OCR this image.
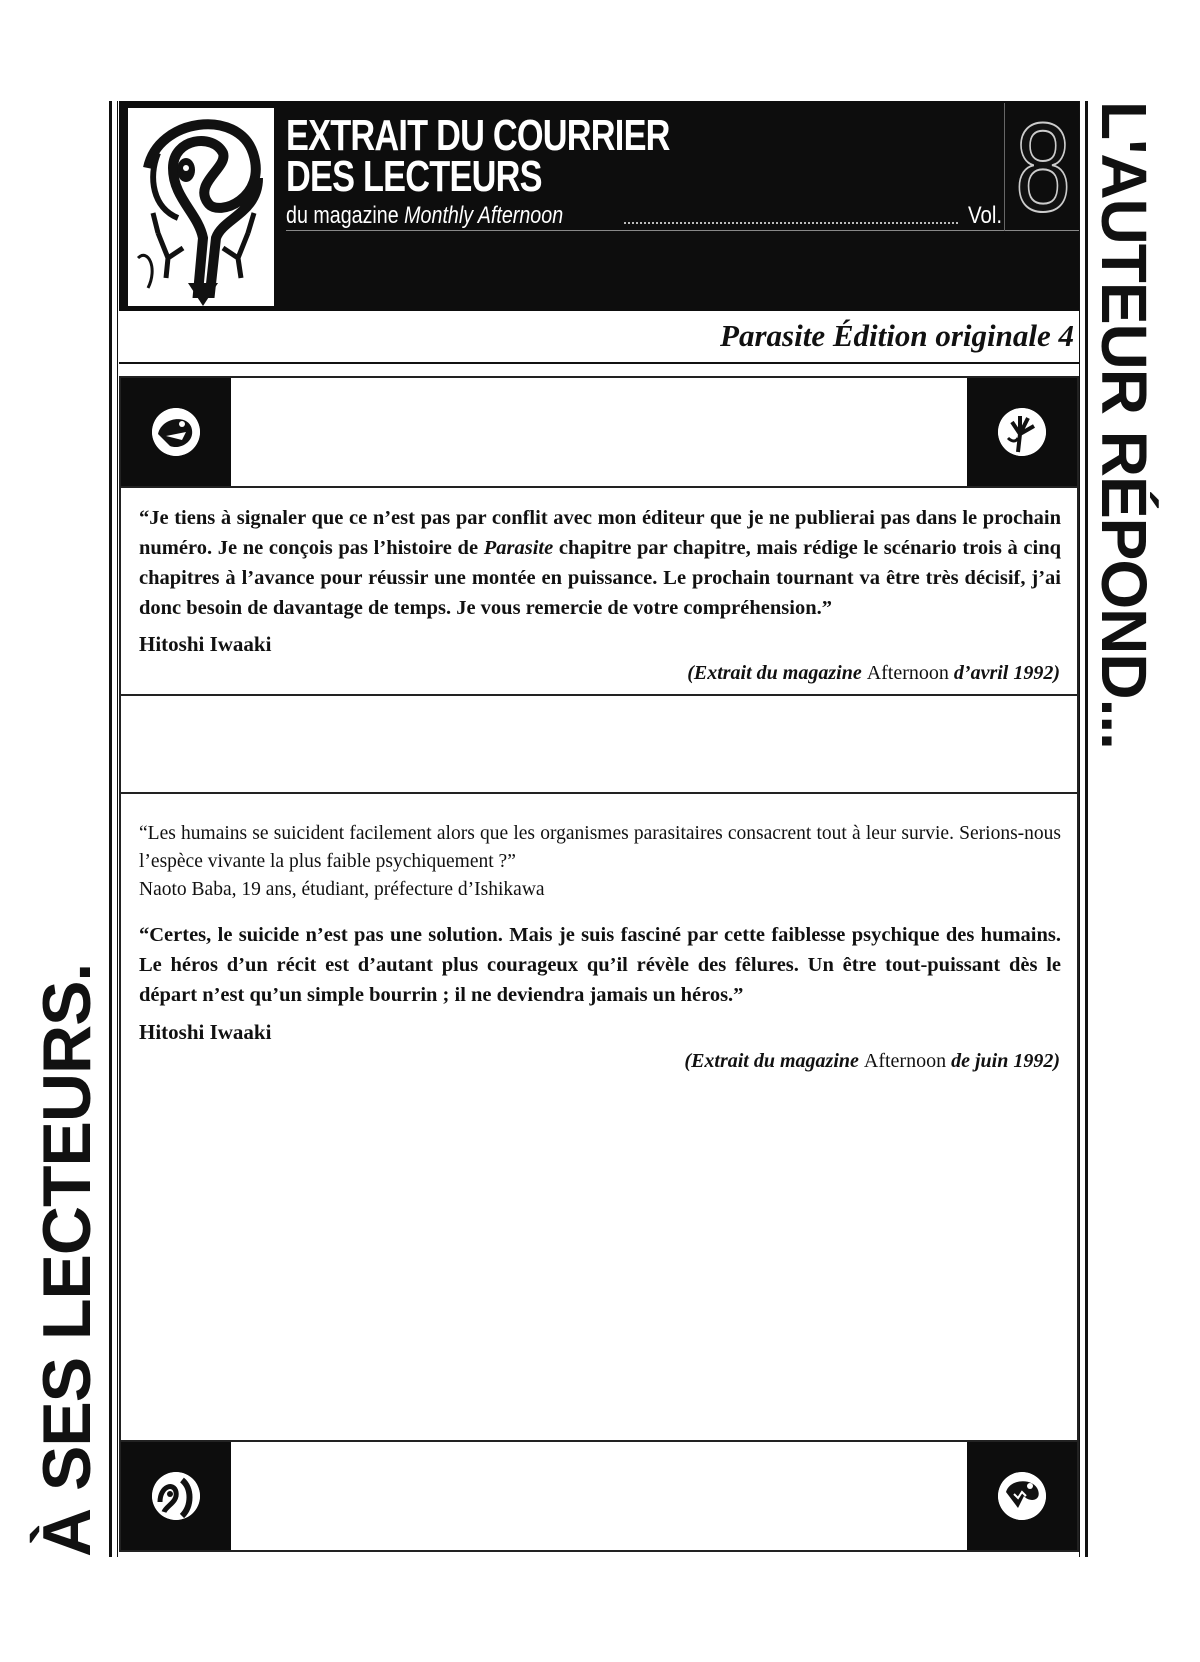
EXTRAIT DU COURRIER
DES LECTEURS
du magazine Monthly Afternoon	Vol. 8
Parasite Édition originale 4
“Je tiens à signaler que ce n’est pas par conflit avec mon éditeur que je ne publierai pas dans le prochain numéro. Je ne conçois pas l’histoire de Parasite chapitre par chapitre, mais rédige le scénario trois à cinq chapitres à l’avance pour réussir une montée en puissance. Le prochain tournant va être très décisif, j’ai donc besoin de davantage de temps. Je vous remercie de votre compréhension.”
Hitoshi Iwaaki
(Extrait du magazine Afternoon d’avril 1992)
“Les humains se suicident facilement alors que les organismes parasitaires consacrent tout à leur survie. Serions-nous l’espèce vivante la plus faible psychiquement ?”
Naoto Baba, 19 ans, étudiant, préfecture d’Ishikawa
“Certes, le suicide n’est pas une solution. Mais je suis fasciné par cette faiblesse psychique des humains. Le héros d’un récit est d’autant plus courageux qu’il révèle des fêlures. Un être tout-puissant dès le départ n’est qu’un simple bourrin ; il ne deviendra jamais un héros.”
Hitoshi Iwaaki
(Extrait du magazine Afternoon de juin 1992)
L'AUTEUR RÉPOND...
À SES LECTEURS.
